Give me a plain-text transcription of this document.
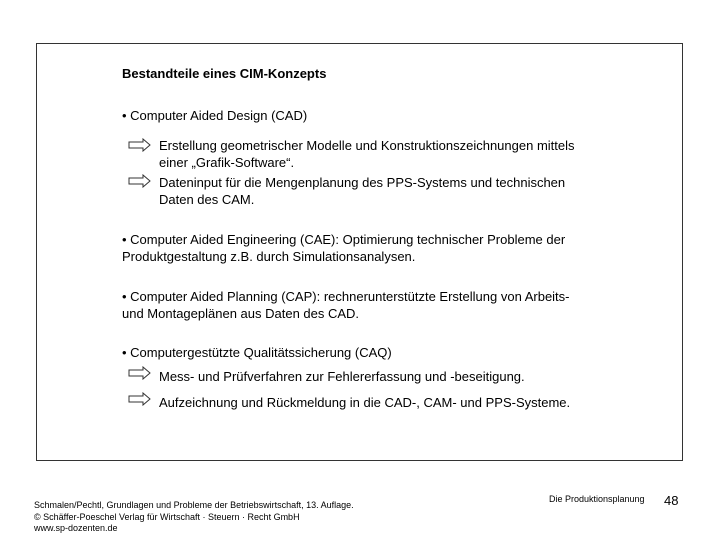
Bestandteile eines CIM-Konzepts
• Computer Aided Design (CAD)
Erstellung geometrischer Modelle und Konstruktionszeichnungen mittels
einer „Grafik-Software“.
Dateninput für die Mengenplanung des PPS-Systems und technischen
Daten des CAM.
• Computer Aided Engineering (CAE): Optimierung technischer Probleme der
Produktgestaltung z.B. durch Simulationsanalysen.
• Computer Aided Planning (CAP): rechnerunterstützte Erstellung von Arbeits-
und Montageplänen aus Daten des CAD.
• Computergestützte Qualitätssicherung (CAQ)
Mess- und Prüfverfahren zur Fehlererfassung und -beseitigung.
Aufzeichnung und Rückmeldung in die CAD-, CAM- und PPS-Systeme.
Schmalen/Pechtl, Grundlagen und Probleme der Betriebswirtschaft, 13. Auflage.
© Schäffer-Poeschel Verlag für Wirtschaft · Steuern · Recht GmbH
www.sp-dozenten.de
Die Produktionsplanung 48
